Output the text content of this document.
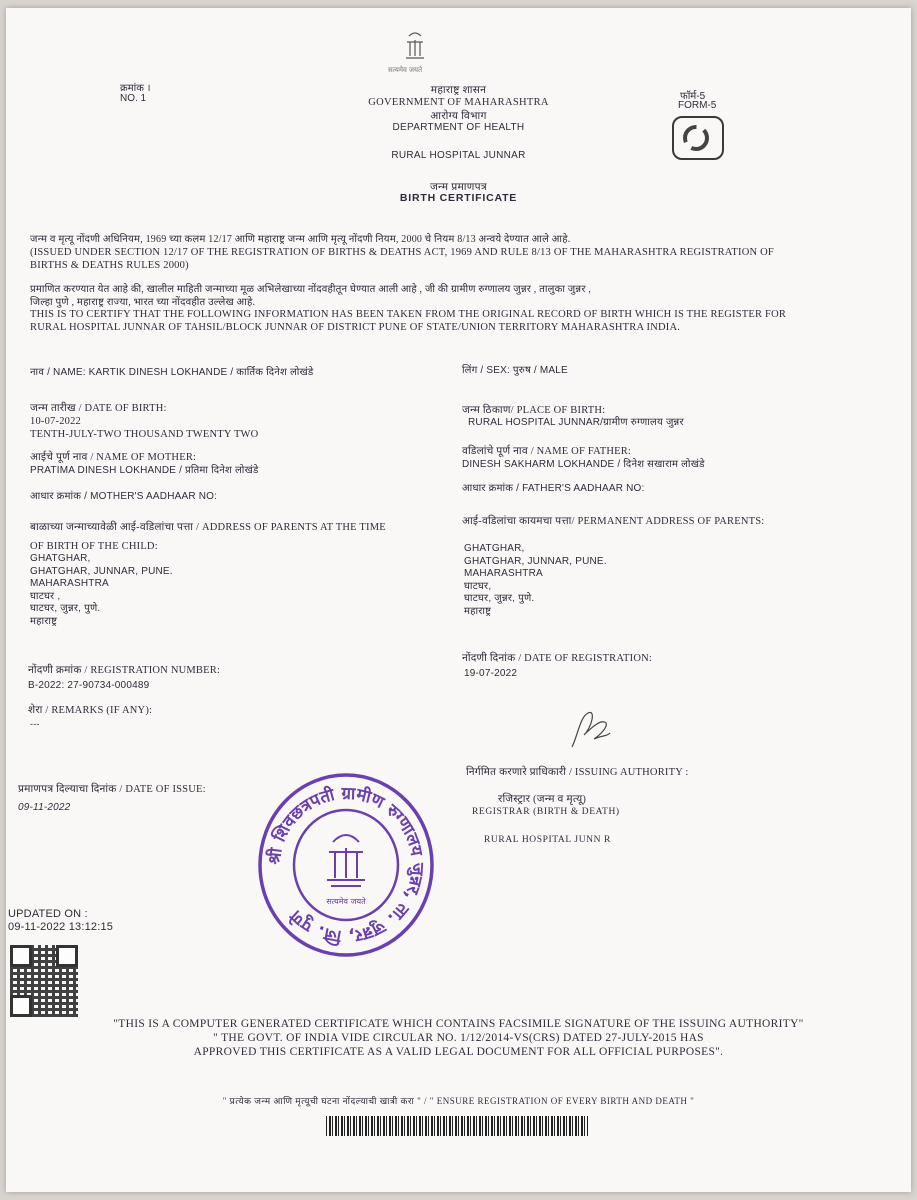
सत्यमेव जयते
क्रमांक ।
NO. 1
महाराष्ट्र शासन
GOVERNMENT OF MAHARASHTRA
आरोग्य विभाग
DEPARTMENT OF HEALTH
फॉर्म-5
FORM-5
RURAL HOSPITAL JUNNAR
जन्म प्रमाणपत्र
BIRTH CERTIFICATE
जन्म व मृत्यू नोंदणी अधिनियम, 1969 च्या कलम 12/17 आणि महाराष्ट्र जन्म आणि मृत्यू नोंदणी नियम, 2000 चे नियम 8/13 अन्वये देण्यात आले आहे.
(ISSUED UNDER SECTION 12/17 OF THE REGISTRATION OF BIRTHS & DEATHS ACT, 1969 AND RULE 8/13 OF THE MAHARASHTRA REGISTRATION OF
BIRTHS & DEATHS RULES 2000)
प्रमाणित करण्यात येत आहे की, खालील माहिती जन्माच्या मूळ अभिलेखाच्या नोंदवहीतून घेण्यात आली आहे , जी की ग्रामीण रुग्णालय जुन्नर , तालुका जुन्नर ,
जिल्हा पुणे , महाराष्ट्र राज्या, भारत च्या नोंदवहीत उल्लेख आहे.
THIS IS TO CERTIFY THAT THE FOLLOWING INFORMATION HAS BEEN TAKEN FROM THE ORIGINAL RECORD OF BIRTH WHICH IS THE REGISTER FOR
RURAL HOSPITAL JUNNAR OF TAHSIL/BLOCK JUNNAR OF DISTRICT PUNE OF STATE/UNION TERRITORY MAHARASHTRA INDIA.
नाव / NAME: KARTIK DINESH LOKHANDE / कार्तिक दिनेश लोखंडे	लिंग / SEX: पुरुष / MALE
जन्म तारीख / DATE OF BIRTH:
10-07-2022
TENTH-JULY-TWO THOUSAND TWENTY TWO
जन्म ठिकाण/ PLACE OF BIRTH:
RURAL HOSPITAL JUNNAR/ग्रामीण रुग्णालय जुन्नर
आईचे पूर्ण नाव / NAME OF MOTHER:
PRATIMA DINESH LOKHANDE / प्रतिमा दिनेश लोखंडे
वडिलांचे पूर्ण नाव / NAME OF FATHER:
DINESH SAKHARM LOKHANDE / दिनेश सखाराम लोखंडे
आधार क्रमांक / MOTHER'S AADHAAR NO:
आधार क्रमांक / FATHER'S AADHAAR NO:
बाळाच्या जन्माच्यावेळी आई-वडिलांचा पत्ता / ADDRESS OF PARENTS AT THE TIME
OF BIRTH OF THE CHILD:
GHATGHAR,
GHATGHAR, JUNNAR, PUNE.
MAHARASHTRA
घाटघर ,
घाटघर, जुन्नर, पुणे.
महाराष्ट्र
आई-वडिलांचा कायमचा पत्ता/ PERMANENT ADDRESS OF PARENTS:
GHATGHAR,
GHATGHAR, JUNNAR, PUNE.
MAHARASHTRA
घाटघर,
घाटघर, जुन्नर, पुणे.
महाराष्ट्र
नोंदणी क्रमांक / REGISTRATION NUMBER:
B-2022: 27-90734-000489
नोंदणी दिनांक / DATE OF REGISTRATION:
19-07-2022
शेरा / REMARKS (IF ANY):
---
निर्गमित करणारे प्राधिकारी / ISSUING AUTHORITY :
रजिस्ट्रार (जन्म व मृत्यू)
REGISTRAR (BIRTH & DEATH)
RURAL HOSPITAL JUNN R
प्रमाणपत्र दिल्याचा दिनांक / DATE OF ISSUE:
09-11-2022
श्री शिवछत्रपती ग्रामीण रुग्णालय जुन्नर, ता. जुन्नर, जि. पुणे
सत्यमेव जयते
UPDATED ON :
09-11-2022 13:12:15
"THIS IS A COMPUTER GENERATED CERTIFICATE WHICH CONTAINS FACSIMILE SIGNATURE OF THE ISSUING AUTHORITY"
" THE GOVT. OF INDIA VIDE CIRCULAR NO. 1/12/2014-VS(CRS) DATED 27-JULY-2015 HAS
APPROVED THIS CERTIFICATE AS A VALID LEGAL DOCUMENT FOR ALL OFFICIAL PURPOSES".
" प्रत्येक जन्म आणि मृत्यूची घटना नोंदल्याची खात्री करा " / " ENSURE REGISTRATION OF EVERY BIRTH AND DEATH "
